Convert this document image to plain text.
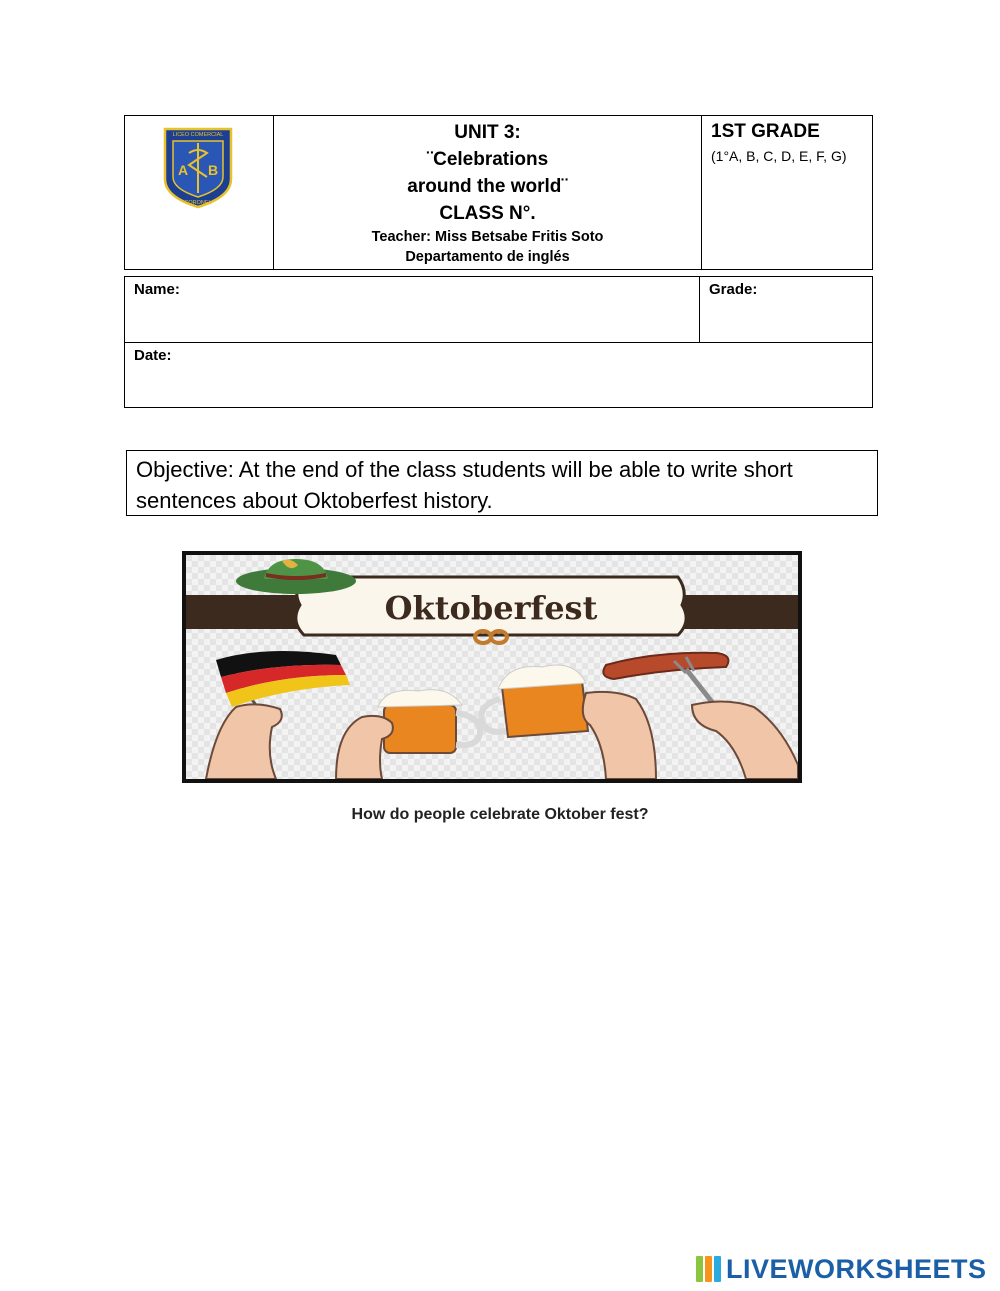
LICEO COMERCIAL
A B
CORONEL
UNIT 3:
¨Celebrations
around the world¨
CLASS N°.
Teacher: Miss Betsabe Fritis Soto
Departamento de inglés
1ST GRADE
(1°A, B, C, D, E, F, G)
Name:	Grade:
Date:
Objective: At the end of the class students will be able to write short sentences about Oktoberfest history.
Oktoberfest
How do people celebrate Oktober fest?
LIVEWORKSHEETS
